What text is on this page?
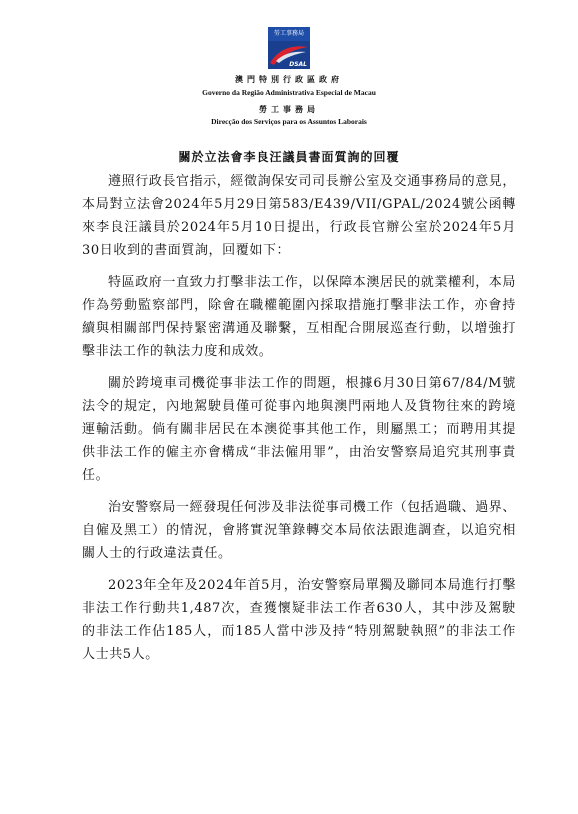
勞工事務局
DSAL
澳門特別行政區政府
Governo da Região Administrativa Especial de Macau
勞工事務局
Direcção dos Serviços para os Assuntos Laborais
關於立法會李良汪議員書面質詢的回覆

遵照行政長官指示，經徵詢保安司司長辦公室及交通事務局的意見，本局對立法會2024年5月29日第583/E439/VII/GPAL/2024號公函轉來李良汪議員於2024年5月10日提出，行政長官辦公室於2024年5月30日收到的書面質詢，回覆如下：

特區政府一直致力打擊非法工作，以保障本澳居民的就業權利，本局作為勞動監察部門，除會在職權範圍內採取措施打擊非法工作，亦會持續與相關部門保持緊密溝通及聯繫，互相配合開展巡查行動，以增強打擊非法工作的執法力度和成效。

關於跨境車司機從事非法工作的問題，根據6月30日第67/84/M號法令的規定，內地駕駛員僅可從事內地與澳門兩地人及貨物往來的跨境運輸活動。倘有關非居民在本澳從事其他工作，則屬黑工；而聘用其提供非法工作的僱主亦會構成“非法僱用罪”，由治安警察局追究其刑事責任。

治安警察局一經發現任何涉及非法從事司機工作（包括過職、過界、自僱及黑工）的情況，會將實況筆錄轉交本局依法跟進調查，以追究相關人士的行政違法責任。

2023年全年及2024年首5月，治安警察局單獨及聯同本局進行打擊非法工作行動共1,487次，查獲懷疑非法工作者630人，其中涉及駕駛的非法工作佔185人，而185人當中涉及持“特別駕駛執照”的非法工作人士共5人。
